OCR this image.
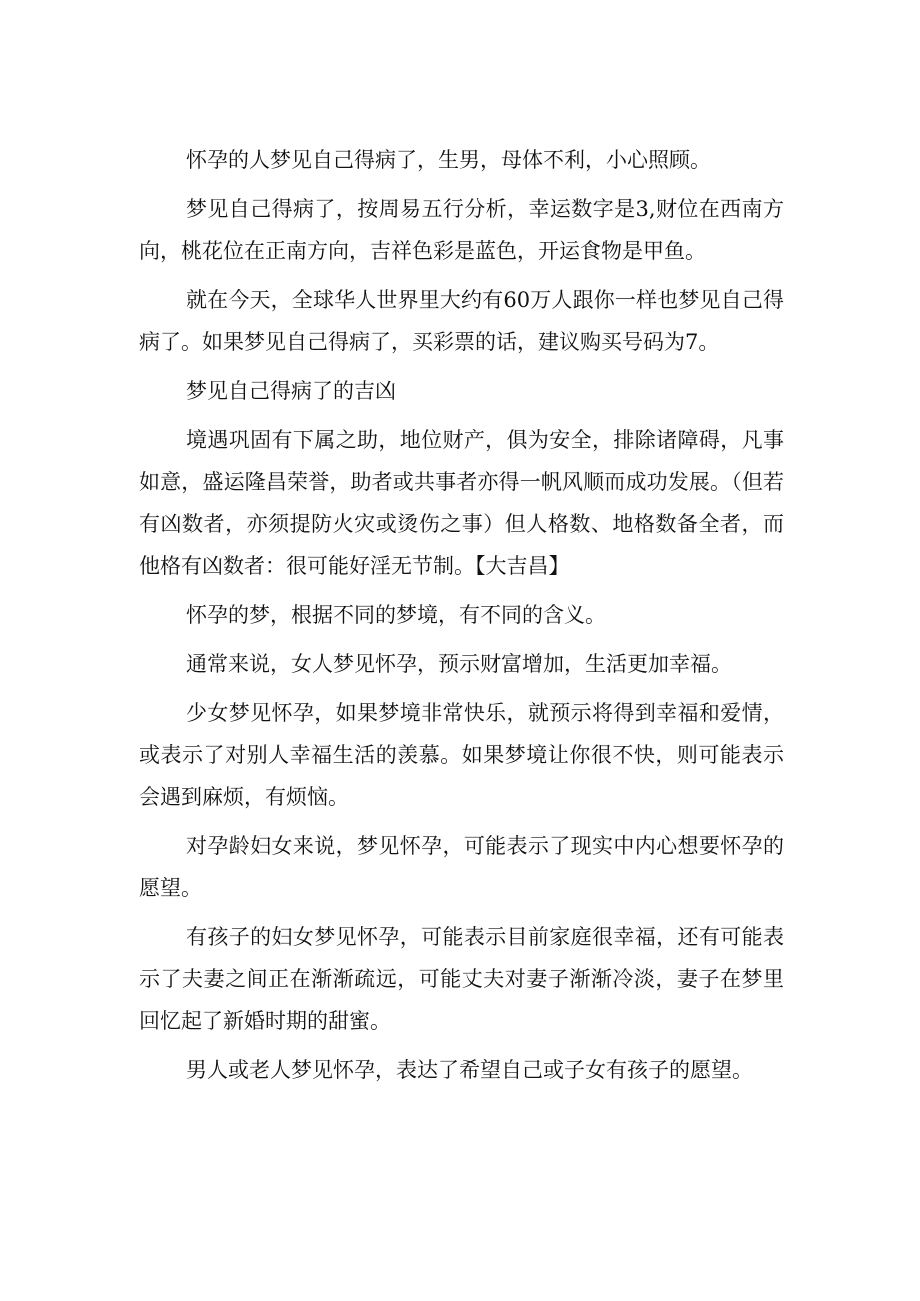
怀孕的人梦见自己得病了，生男，母体不利，小心照顾。

梦见自己得病了，按周易五行分析，幸运数字是3,财位在西南方向，桃花位在正南方向，吉祥色彩是蓝色，开运食物是甲鱼。

就在今天，全球华人世界里大约有60万人跟你一样也梦见自己得病了。如果梦见自己得病了，买彩票的话，建议购买号码为7。

梦见自己得病了的吉凶

境遇巩固有下属之助，地位财产，俱为安全，排除诸障碍，凡事如意，盛运隆昌荣誉，助者或共事者亦得一帆风顺而成功发展。（但若有凶数者，亦须提防火灾或烫伤之事）但人格数、地格数备全者，而他格有凶数者：很可能好淫无节制。【大吉昌】

怀孕的梦，根据不同的梦境，有不同的含义。

通常来说，女人梦见怀孕，预示财富增加，生活更加幸福。

少女梦见怀孕，如果梦境非常快乐，就预示将得到幸福和爱情，或表示了对别人幸福生活的羡慕。如果梦境让你很不快，则可能表示会遇到麻烦，有烦恼。

对孕龄妇女来说，梦见怀孕，可能表示了现实中内心想要怀孕的愿望。

有孩子的妇女梦见怀孕，可能表示目前家庭很幸福，还有可能表示了夫妻之间正在渐渐疏远，可能丈夫对妻子渐渐冷淡，妻子在梦里回忆起了新婚时期的甜蜜。

男人或老人梦见怀孕，表达了希望自己或子女有孩子的愿望。
